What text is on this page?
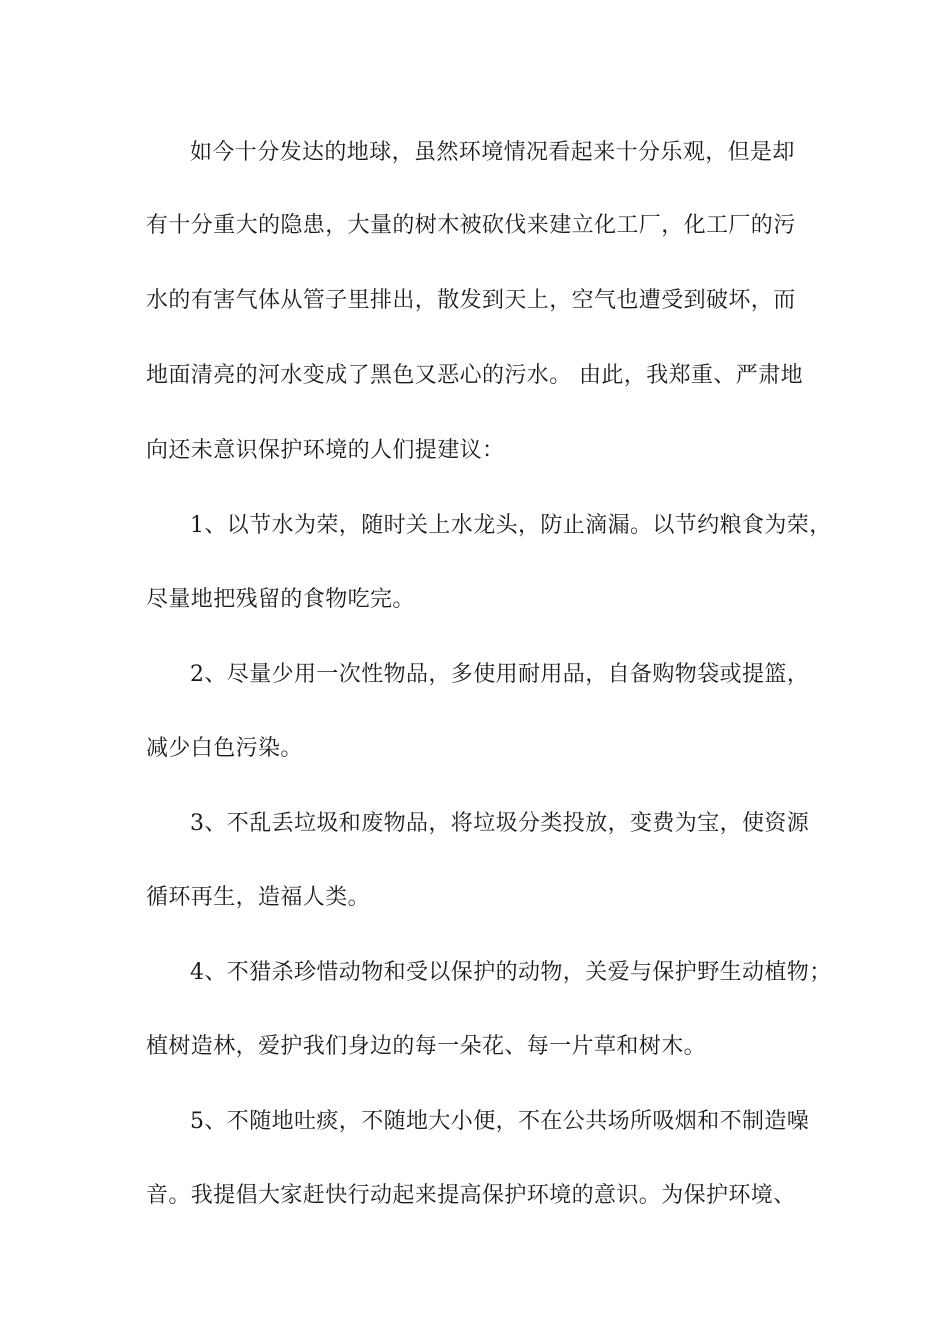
如今十分发达的地球，虽然环境情况看起来十分乐观，但是却
有十分重大的隐患，大量的树木被砍伐来建立化工厂，化工厂的污
水的有害气体从管子里排出，散发到天上，空气也遭受到破坏，而
地面清亮的河水变成了黑色又恶心的污水。 由此，我郑重、严肃地
向还未意识保护环境的人们提建议：
1、以节水为荣，随时关上水龙头，防止滴漏。以节约粮食为荣，
尽量地把残留的食物吃完。
2、尽量少用一次性物品，多使用耐用品，自备购物袋或提篮，
减少白色污染。
3、不乱丢垃圾和废物品，将垃圾分类投放，变费为宝，使资源
循环再生，造福人类。
4、不猎杀珍惜动物和受以保护的动物，关爱与保护野生动植物；
植树造林，爱护我们身边的每一朵花、每一片草和树木。
5、不随地吐痰，不随地大小便，不在公共场所吸烟和不制造噪
音。我提倡大家赶快行动起来提高保护环境的意识。为保护环境、
